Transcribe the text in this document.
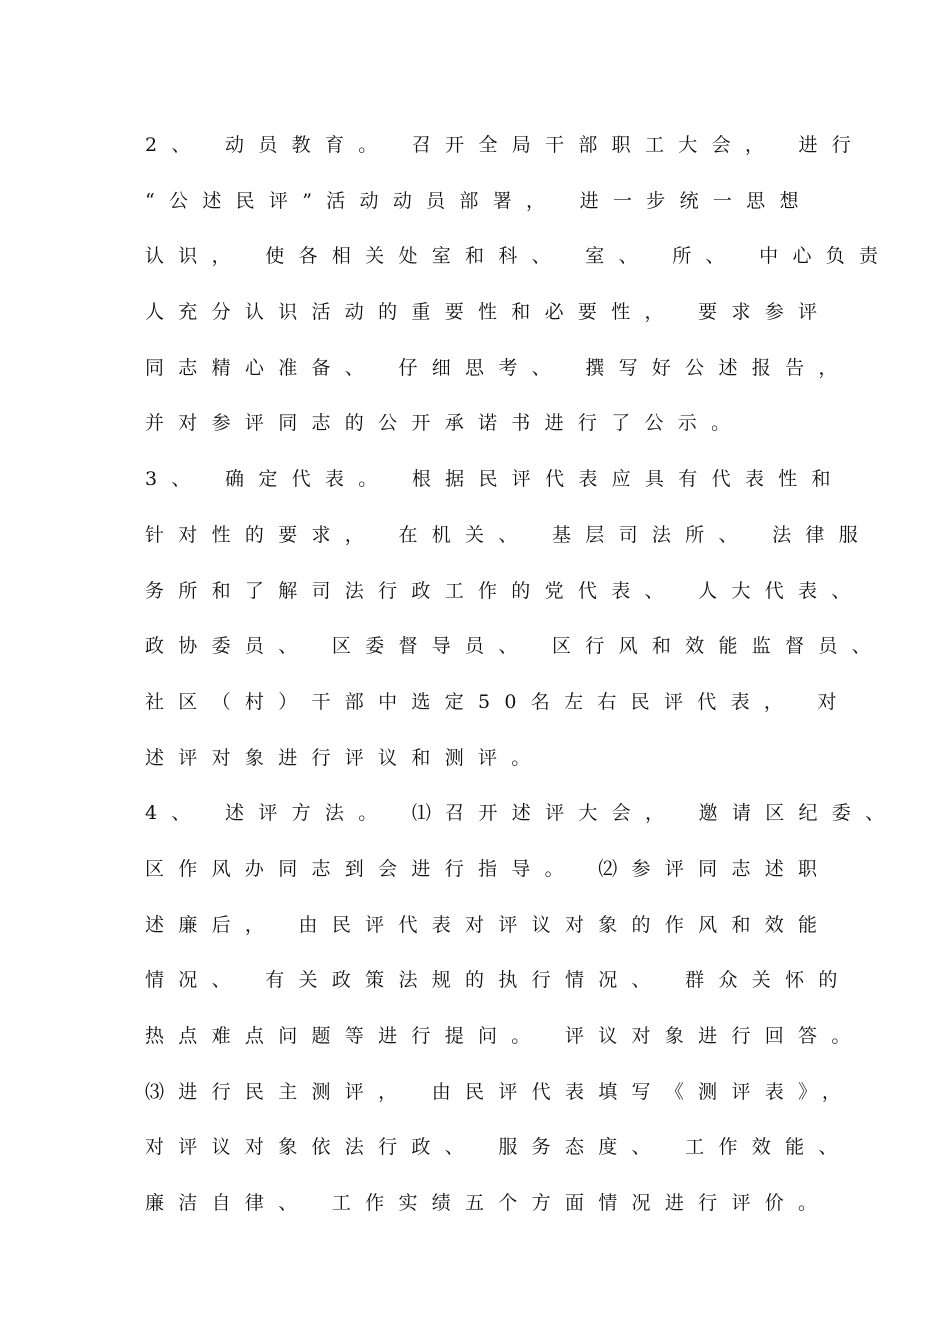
2、 动员教育。 召开全局干部职工大会， 进行
“公述民评”活动动员部署， 进一步统一思想
认识， 使各相关处室和科、 室、 所、 中心负责
人充分认识活动的重要性和必要性， 要求参评
同志精心准备、 仔细思考、 撰写好公述报告，
并对参评同志的公开承诺书进行了公示。
3、 确定代表。 根据民评代表应具有代表性和
针对性的要求， 在机关、 基层司法所、 法律服
务所和了解司法行政工作的党代表、 人大代表、
政协委员、 区委督导员、 区行风和效能监督员、
社区（村）干部中选定50名左右民评代表， 对
述评对象进行评议和测评。
4、 述评方法。 ⑴召开述评大会， 邀请区纪委、
区作风办同志到会进行指导。 ⑵参评同志述职
述廉后， 由民评代表对评议对象的作风和效能
情况、 有关政策法规的执行情况、 群众关怀的
热点难点问题等进行提问。 评议对象进行回答。
⑶进行民主测评， 由民评代表填写《测评表》，
对评议对象依法行政、 服务态度、 工作效能、
廉洁自律、 工作实绩五个方面情况进行评价。
